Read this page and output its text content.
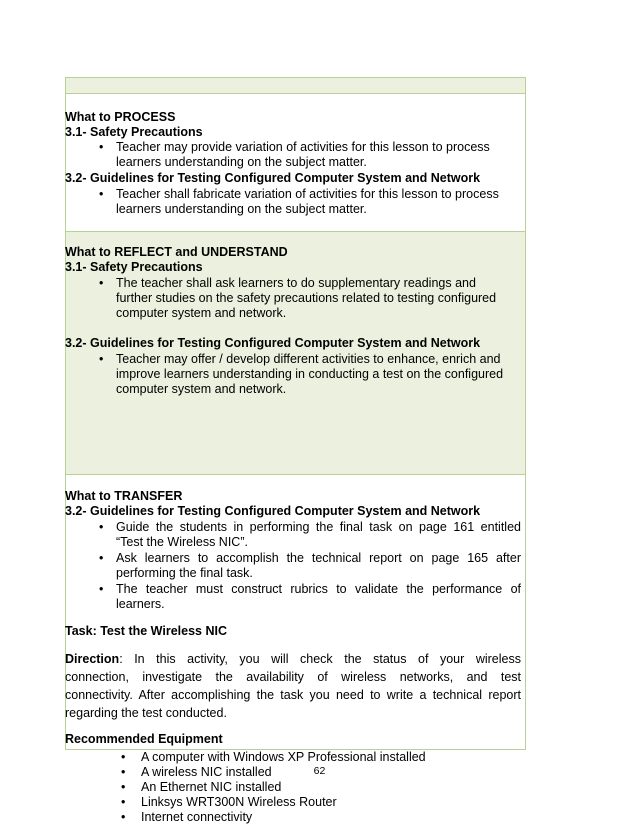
What to PROCESS
3.1- Safety Precautions
• Teacher may provide variation of activities for this lesson to process
learners understanding on the subject matter.
3.2- Guidelines for Testing Configured Computer System and Network
• Teacher shall fabricate variation of activities for this lesson to process
learners understanding on the subject matter.
What to REFLECT and UNDERSTAND
3.1- Safety Precautions
• The teacher shall ask learners to do supplementary readings and
further studies on the safety precautions related to testing configured
computer system and network.
3.2- Guidelines for Testing Configured Computer System and Network
• Teacher may offer / develop different activities to enhance, enrich and
improve learners understanding in conducting a test on the configured
computer system and network.
What to TRANSFER
3.2- Guidelines for Testing Configured Computer System and Network
• Guide the students in performing the final task on page 161 entitled
“Test the Wireless NIC”.
• Ask learners to accomplish the technical report on page 165 after
performing the final task.
• The teacher must construct rubrics to validate the performance of
learners.
Task: Test the Wireless NIC
Direction: In this activity, you will check the status of your wireless
connection, investigate the availability of wireless networks, and test
connectivity. After accomplishing the task you need to write a technical report
regarding the test conducted.
Recommended Equipment
• A computer with Windows XP Professional installed
• A wireless NIC installed
• An Ethernet NIC installed
• Linksys WRT300N Wireless Router
• Internet connectivity
62
